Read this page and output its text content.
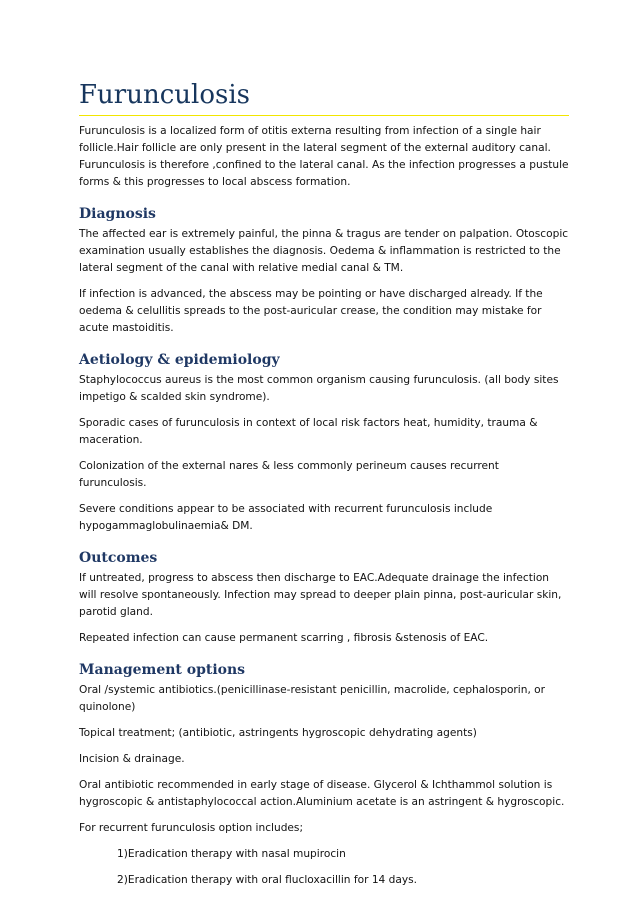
Furunculosis

Furunculosis is a localized form of otitis externa resulting from infection of a single hair follicle.Hair follicle are only present in the lateral segment of the external auditory canal. Furunculosis is therefore ,confined to the lateral canal. As the infection progresses a pustule forms & this progresses to local abscess formation.

Diagnosis

The affected ear is extremely painful, the pinna & tragus are tender on palpation. Otoscopic examination usually establishes the diagnosis. Oedema & inflammation is restricted to the lateral segment of the canal with relative medial canal & TM.

If infection is advanced, the abscess may be pointing or have discharged already. If the oedema & celullitis spreads to the post-auricular crease, the condition may mistake for acute mastoiditis.

Aetiology & epidemiology

Staphylococcus aureus is the most common organism causing furunculosis. (all body sites impetigo & scalded skin syndrome).

Sporadic cases of furunculosis in context of local risk factors heat, humidity, trauma & maceration.

Colonization of the external nares & less commonly perineum causes recurrent furunculosis.

Severe conditions appear to be associated with recurrent furunculosis include hypogammaglobulinaemia& DM.

Outcomes

If untreated, progress to abscess then discharge to EAC.Adequate drainage the infection will resolve spontaneously. Infection may spread to deeper plain pinna, post-auricular skin, parotid gland.

Repeated infection can cause permanent scarring , fibrosis &stenosis of EAC.

Management options

Oral /systemic antibiotics.(penicillinase-resistant penicillin, macrolide, cephalosporin, or quinolone)

Topical treatment; (antibiotic, astringents hygroscopic dehydrating agents)

Incision & drainage.

Oral antibiotic recommended in early stage of disease. Glycerol & Ichthammol solution is hygroscopic & antistaphylococcal action.Aluminium acetate is an astringent & hygroscopic.

For recurrent furunculosis option includes;

1)Eradication therapy with nasal mupirocin

2)Eradication therapy with oral flucloxacillin for 14 days.
